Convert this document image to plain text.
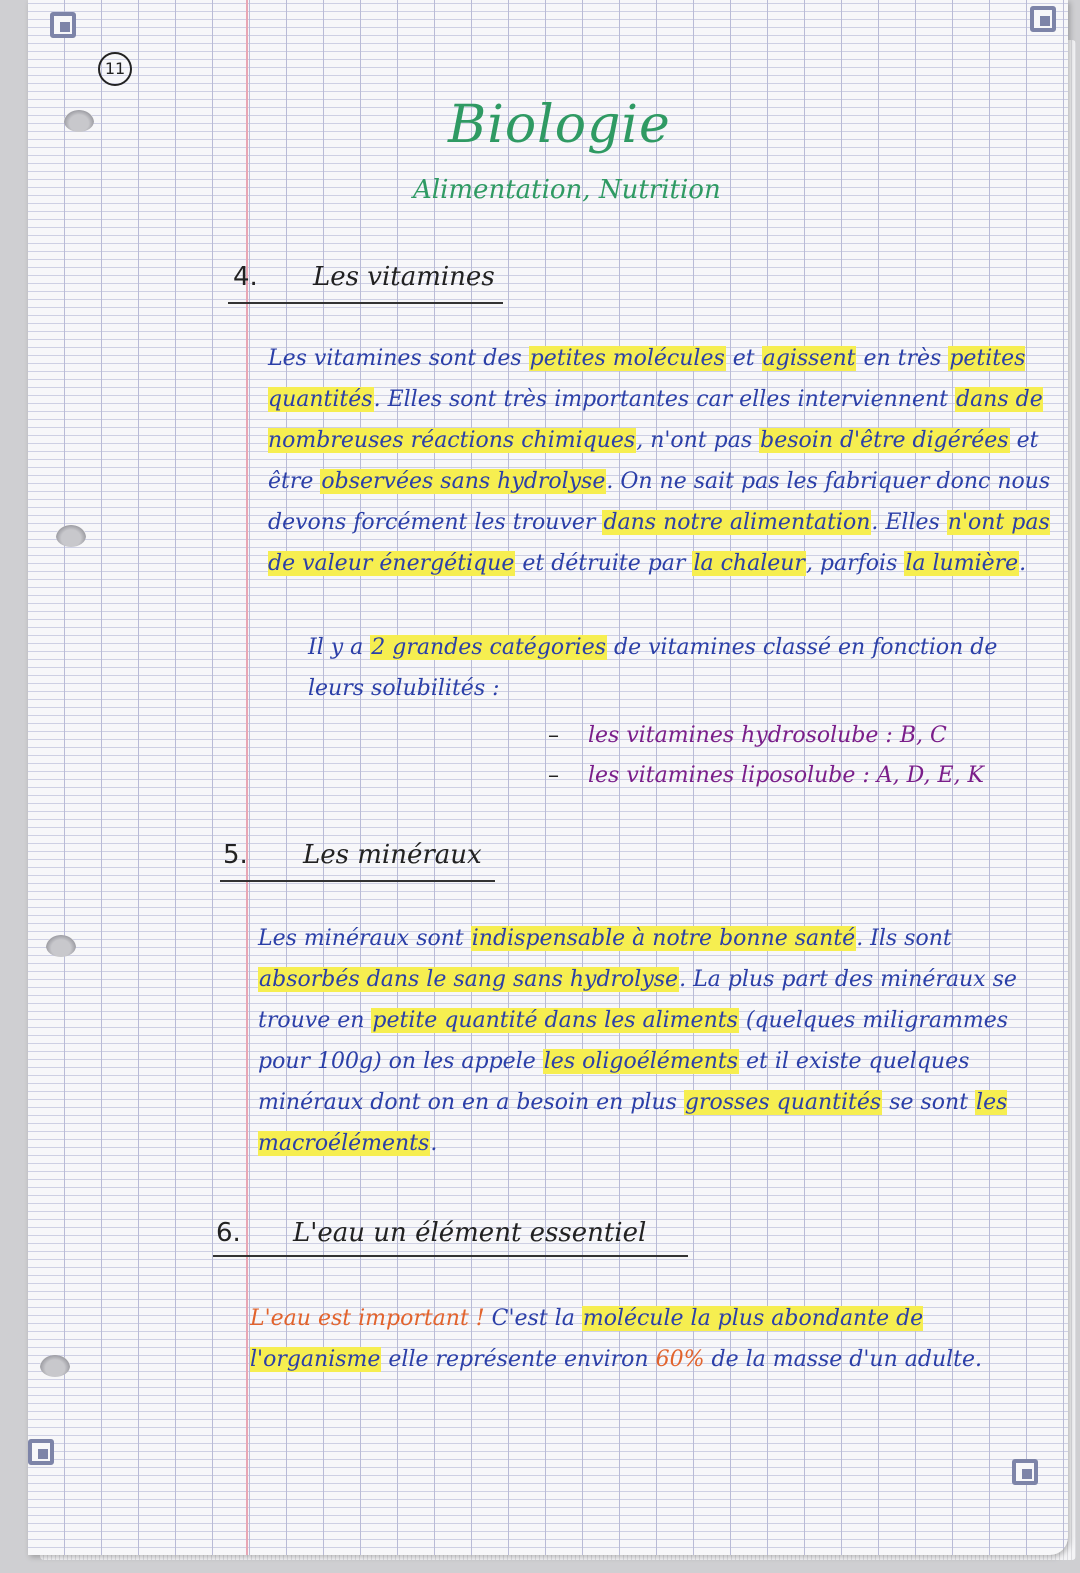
11
Biologie
Alimentation, Nutrition
4. Les vitamines

Les vitamines sont des petites molécules et agissent en très petites quantités. Elles sont très importantes car elles interviennent dans de nombreuses réactions chimiques, n'ont pas besoin d'être digérées et être observées sans hydrolyse. On ne sait pas les fabriquer donc nous devons forcément les trouver dans notre alimentation. Elles n'ont pas de valeur énergétique et détruite par la chaleur, parfois la lumière.

Il y a 2 grandes catégories de vitamines classé en fonction de leurs solubilités :

– les vitamines hydrosolube : B, C
– les vitamines liposolube : A, D, E, K
5. Les minéraux

Les minéraux sont indispensable à notre bonne santé. Ils sont absorbés dans le sang sans hydrolyse. La plus part des minéraux se trouve en petite quantité dans les aliments (quelques miligrammes pour 100g) on les appele les oligoéléments et il existe quelques minéraux dont on en a besoin en plus grosses quantités se sont les macroéléments.

6. L'eau un élément essentiel

L'eau est important ! C'est la molécule la plus abondante de l'organisme elle représente environ 60% de la masse d'un adulte.
